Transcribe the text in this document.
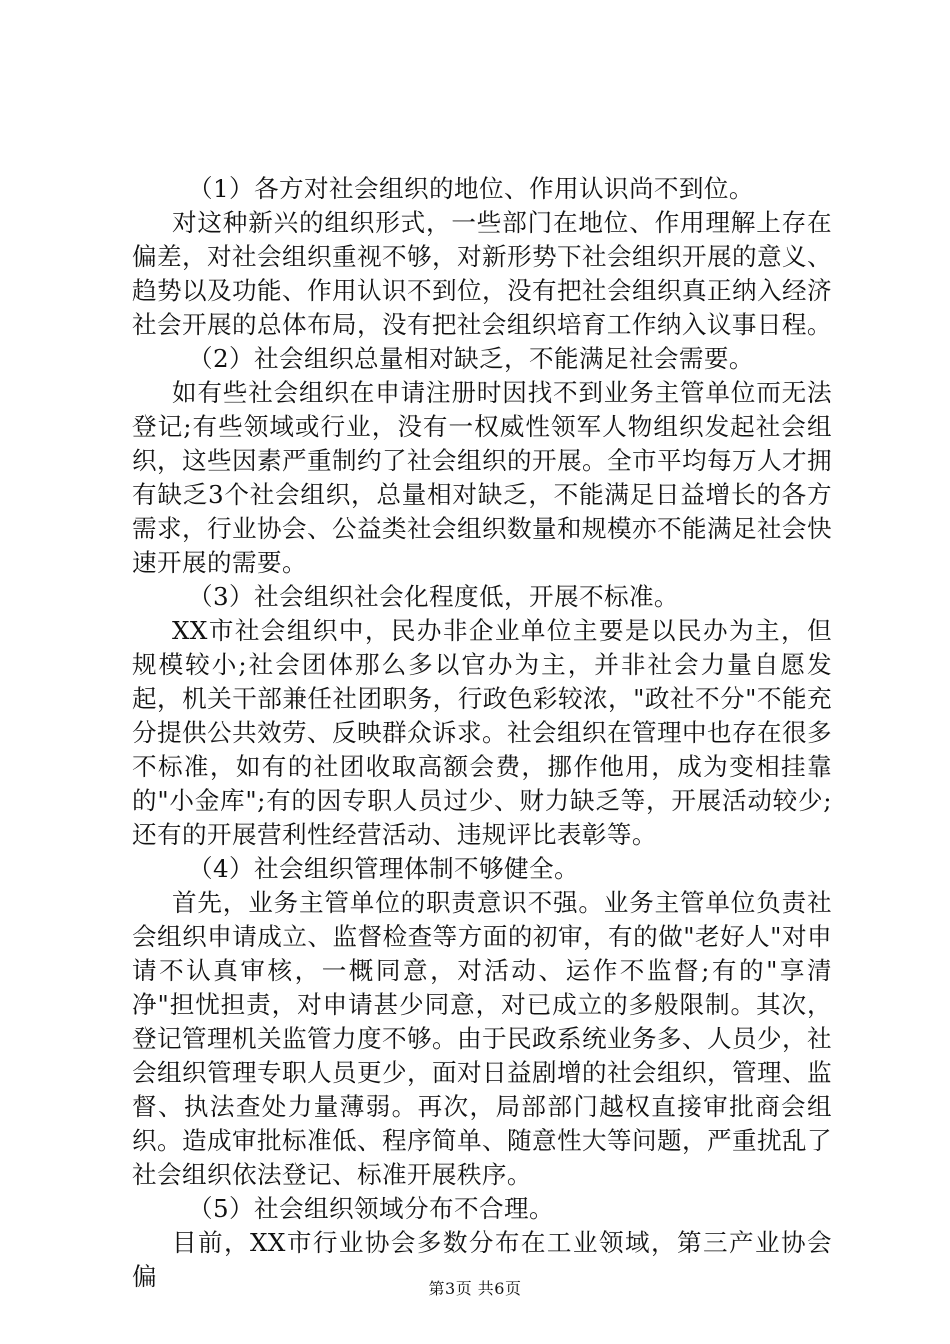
（1）各方对社会组织的地位、作用认识尚不到位。

对这种新兴的组织形式，一些部门在地位、作用理解上存在偏差，对社会组织重视不够，对新形势下社会组织开展的意义、趋势以及功能、作用认识不到位，没有把社会组织真正纳入经济社会开展的总体布局，没有把社会组织培育工作纳入议事日程。

（2）社会组织总量相对缺乏，不能满足社会需要。

如有些社会组织在申请注册时因找不到业务主管单位而无法登记;有些领域或行业，没有一权威性领军人物组织发起社会组织，这些因素严重制约了社会组织的开展。全市平均每万人才拥有缺乏3个社会组织，总量相对缺乏，不能满足日益增长的各方需求，行业协会、公益类社会组织数量和规模亦不能满足社会快速开展的需要。

（3）社会组织社会化程度低，开展不标准。

XX市社会组织中，民办非企业单位主要是以民办为主，但规模较小;社会团体那么多以官办为主，并非社会力量自愿发起，机关干部兼任社团职务，行政色彩较浓，"政社不分"不能充分提供公共效劳、反映群众诉求。社会组织在管理中也存在很多不标准，如有的社团收取高额会费，挪作他用，成为变相挂靠的"小金库";有的因专职人员过少、财力缺乏等，开展活动较少;还有的开展营利性经营活动、违规评比表彰等。

（4）社会组织管理体制不够健全。

首先，业务主管单位的职责意识不强。业务主管单位负责社会组织申请成立、监督检查等方面的初审，有的做"老好人"对申请不认真审核，一概同意，对活动、运作不监督;有的"享清净"担忧担责，对申请甚少同意，对已成立的多般限制。其次，登记管理机关监管力度不够。由于民政系统业务多、人员少，社会组织管理专职人员更少，面对日益剧增的社会组织，管理、监督、执法查处力量薄弱。再次，局部部门越权直接审批商会组织。造成审批标准低、程序简单、随意性大等问题，严重扰乱了社会组织依法登记、标准开展秩序。

（5）社会组织领域分布不合理。

目前，XX市行业协会多数分布在工业领域，第三产业协会偏	第3页 共6页
